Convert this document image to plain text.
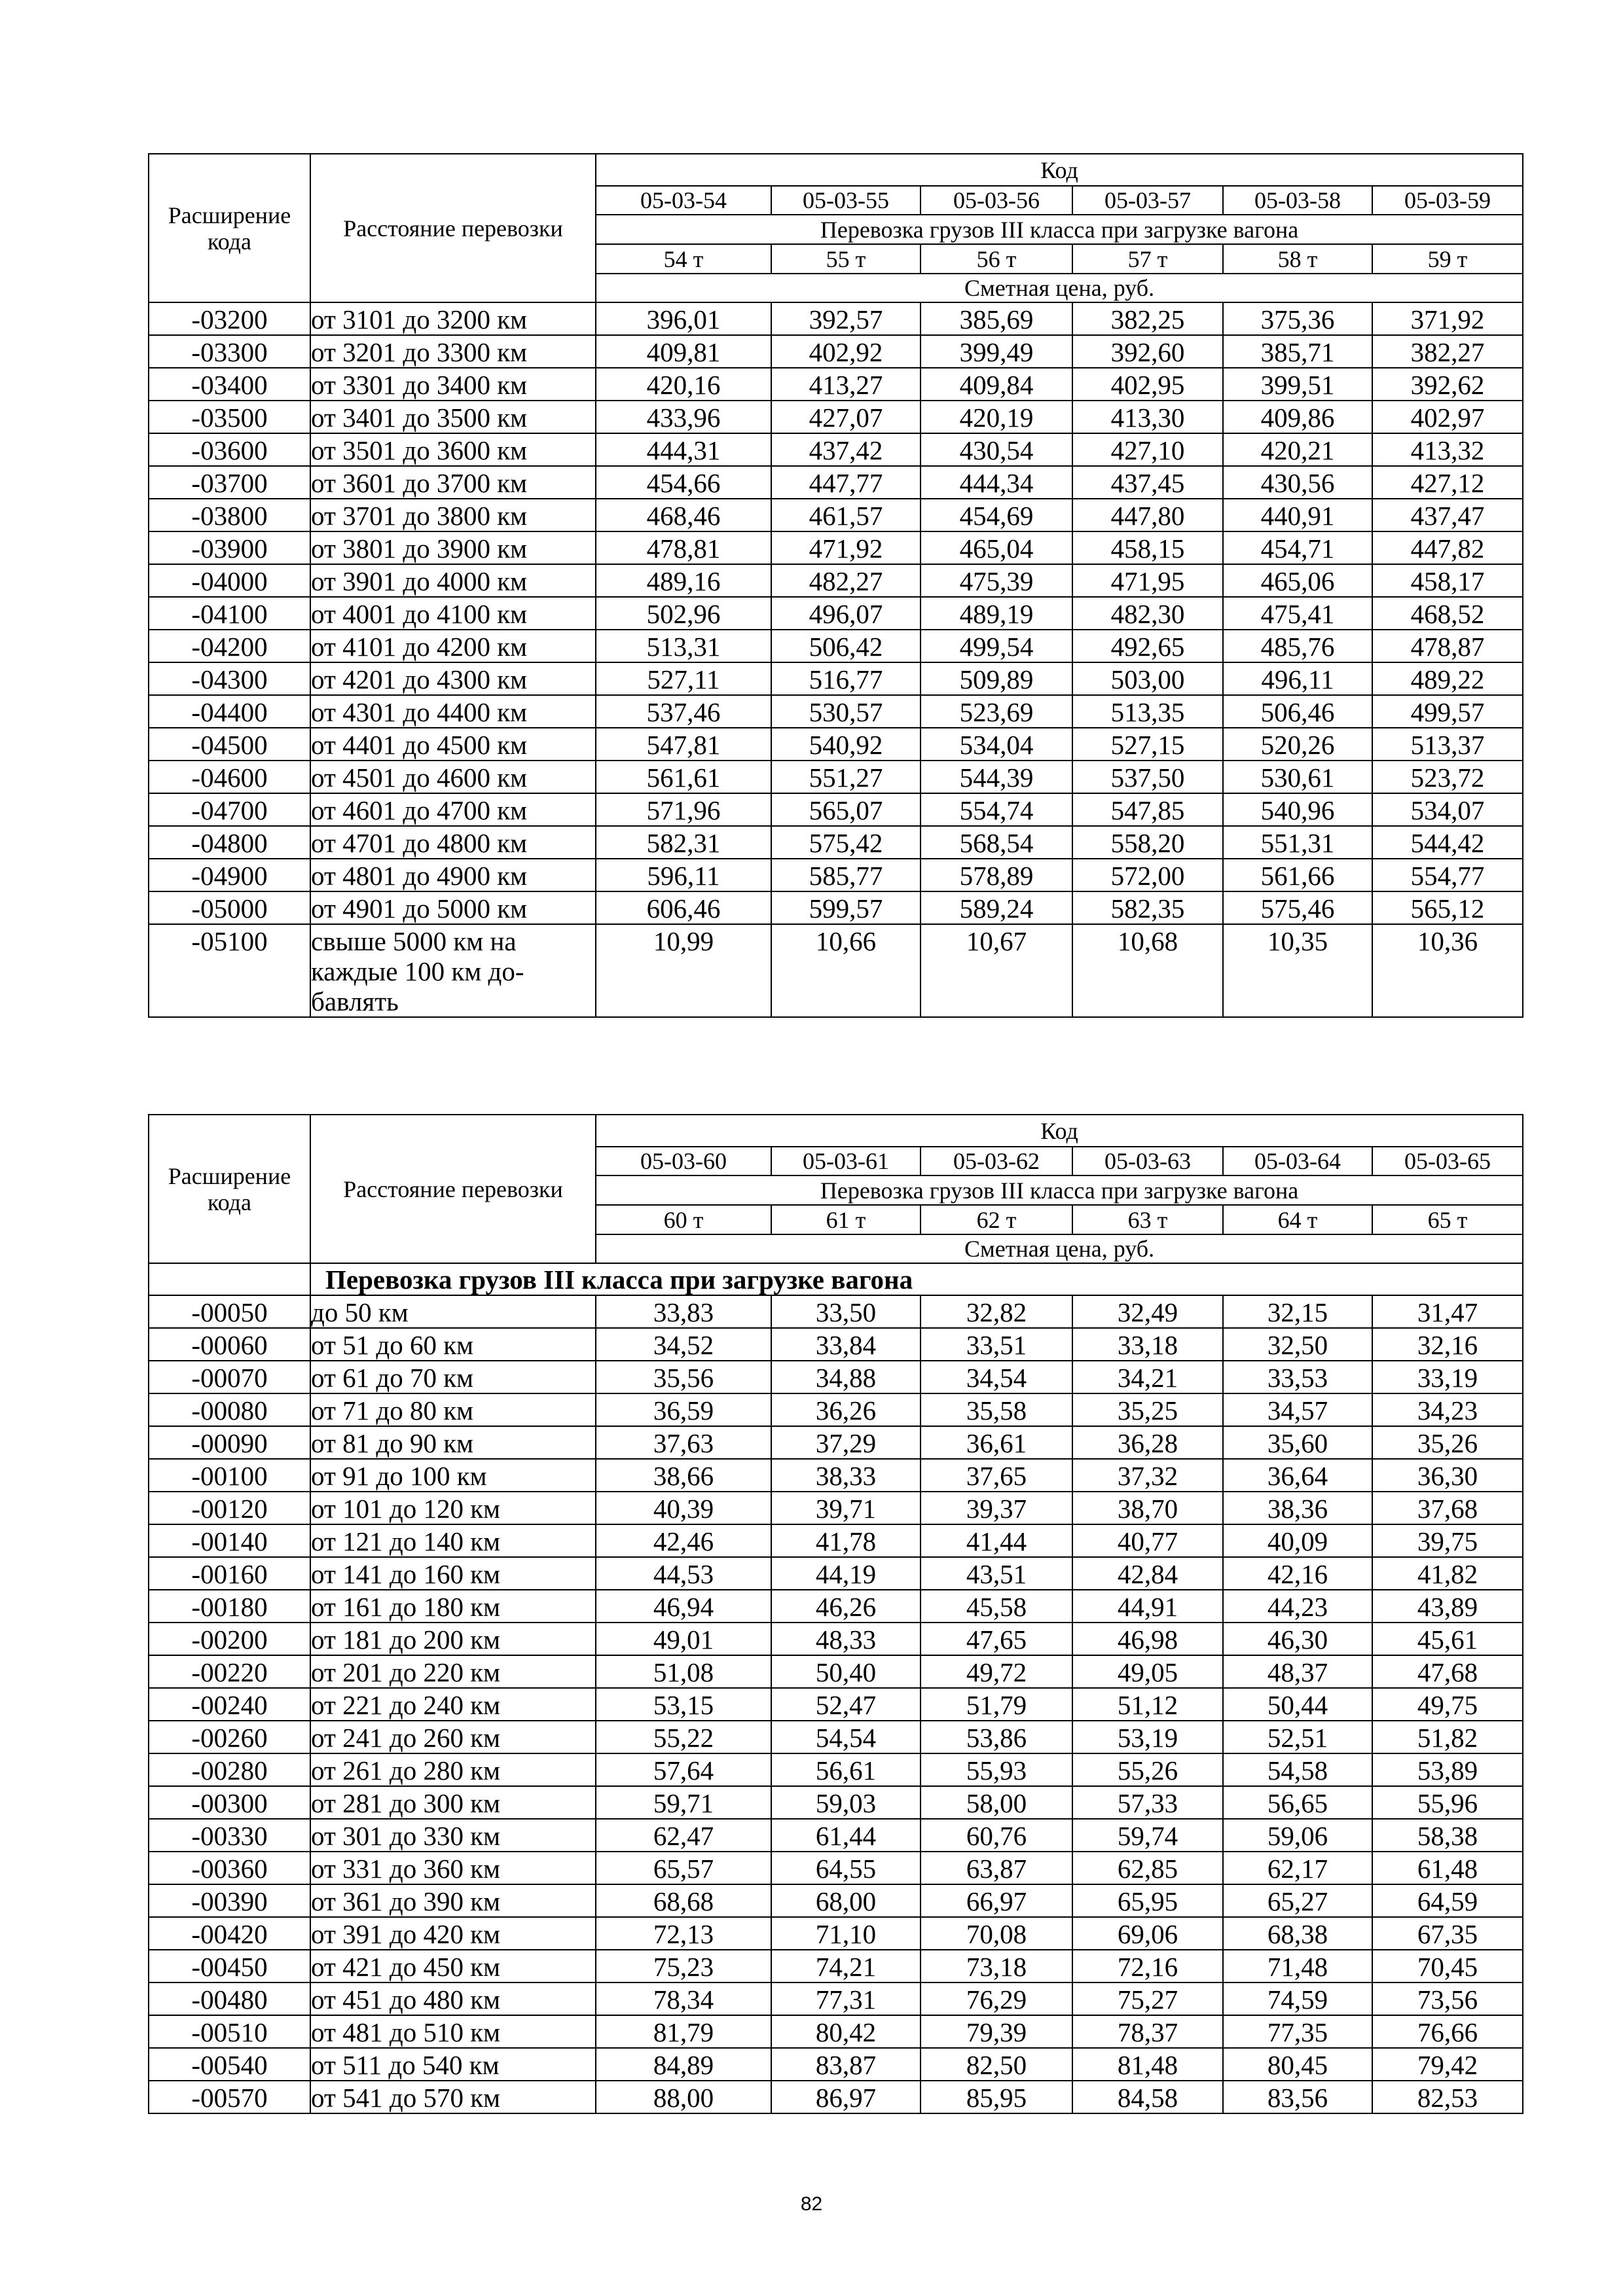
Расширение кода	Расстояние перевозки	Код					
		05-03-54	05-03-55	05-03-56	05-03-57	05-03-58	05-03-59
		Перевозка грузов III класса при загрузке вагона					
		54 т	55 т	56 т	57 т	58 т	59 т
		Сметная цена, руб.					
-03200	от 3101 до 3200 км	396,01	392,57	385,69	382,25	375,36	371,92
-03300	от 3201 до 3300 км	409,81	402,92	399,49	392,60	385,71	382,27
-03400	от 3301 до 3400 км	420,16	413,27	409,84	402,95	399,51	392,62
-03500	от 3401 до 3500 км	433,96	427,07	420,19	413,30	409,86	402,97
-03600	от 3501 до 3600 км	444,31	437,42	430,54	427,10	420,21	413,32
-03700	от 3601 до 3700 км	454,66	447,77	444,34	437,45	430,56	427,12
-03800	от 3701 до 3800 км	468,46	461,57	454,69	447,80	440,91	437,47
-03900	от 3801 до 3900 км	478,81	471,92	465,04	458,15	454,71	447,82
-04000	от 3901 до 4000 км	489,16	482,27	475,39	471,95	465,06	458,17
-04100	от 4001 до 4100 км	502,96	496,07	489,19	482,30	475,41	468,52
-04200	от 4101 до 4200 км	513,31	506,42	499,54	492,65	485,76	478,87
-04300	от 4201 до 4300 км	527,11	516,77	509,89	503,00	496,11	489,22
-04400	от 4301 до 4400 км	537,46	530,57	523,69	513,35	506,46	499,57
-04500	от 4401 до 4500 км	547,81	540,92	534,04	527,15	520,26	513,37
-04600	от 4501 до 4600 км	561,61	551,27	544,39	537,50	530,61	523,72
-04700	от 4601 до 4700 км	571,96	565,07	554,74	547,85	540,96	534,07
-04800	от 4701 до 4800 км	582,31	575,42	568,54	558,20	551,31	544,42
-04900	от 4801 до 4900 км	596,11	585,77	578,89	572,00	561,66	554,77
-05000	от 4901 до 5000 км	606,46	599,57	589,24	582,35	575,46	565,12
-05100	свыше 5000 км на
каждые 100 км до-
бавлять	10,99	10,66	10,67	10,68	10,35	10,36
Расширение кода	Расстояние перевозки	Код					
		05-03-60	05-03-61	05-03-62	05-03-63	05-03-64	05-03-65
		Перевозка грузов III класса при загрузке вагона					
		60 т	61 т	62 т	63 т	64 т	65 т
		Сметная цена, руб.					
	Перевозка грузов III класса при загрузке вагона						
-00050	до 50 км	33,83	33,50	32,82	32,49	32,15	31,47
-00060	от 51 до 60 км	34,52	33,84	33,51	33,18	32,50	32,16
-00070	от 61 до 70 км	35,56	34,88	34,54	34,21	33,53	33,19
-00080	от 71 до 80 км	36,59	36,26	35,58	35,25	34,57	34,23
-00090	от 81 до 90 км	37,63	37,29	36,61	36,28	35,60	35,26
-00100	от 91 до 100 км	38,66	38,33	37,65	37,32	36,64	36,30
-00120	от 101 до 120 км	40,39	39,71	39,37	38,70	38,36	37,68
-00140	от 121 до 140 км	42,46	41,78	41,44	40,77	40,09	39,75
-00160	от 141 до 160 км	44,53	44,19	43,51	42,84	42,16	41,82
-00180	от 161 до 180 км	46,94	46,26	45,58	44,91	44,23	43,89
-00200	от 181 до 200 км	49,01	48,33	47,65	46,98	46,30	45,61
-00220	от 201 до 220 км	51,08	50,40	49,72	49,05	48,37	47,68
-00240	от 221 до 240 км	53,15	52,47	51,79	51,12	50,44	49,75
-00260	от 241 до 260 км	55,22	54,54	53,86	53,19	52,51	51,82
-00280	от 261 до 280 км	57,64	56,61	55,93	55,26	54,58	53,89
-00300	от 281 до 300 км	59,71	59,03	58,00	57,33	56,65	55,96
-00330	от 301 до 330 км	62,47	61,44	60,76	59,74	59,06	58,38
-00360	от 331 до 360 км	65,57	64,55	63,87	62,85	62,17	61,48
-00390	от 361 до 390 км	68,68	68,00	66,97	65,95	65,27	64,59
-00420	от 391 до 420 км	72,13	71,10	70,08	69,06	68,38	67,35
-00450	от 421 до 450 км	75,23	74,21	73,18	72,16	71,48	70,45
-00480	от 451 до 480 км	78,34	77,31	76,29	75,27	74,59	73,56
-00510	от 481 до 510 км	81,79	80,42	79,39	78,37	77,35	76,66
-00540	от 511 до 540 км	84,89	83,87	82,50	81,48	80,45	79,42
-00570	от 541 до 570 км	88,00	86,97	85,95	84,58	83,56	82,53
82
